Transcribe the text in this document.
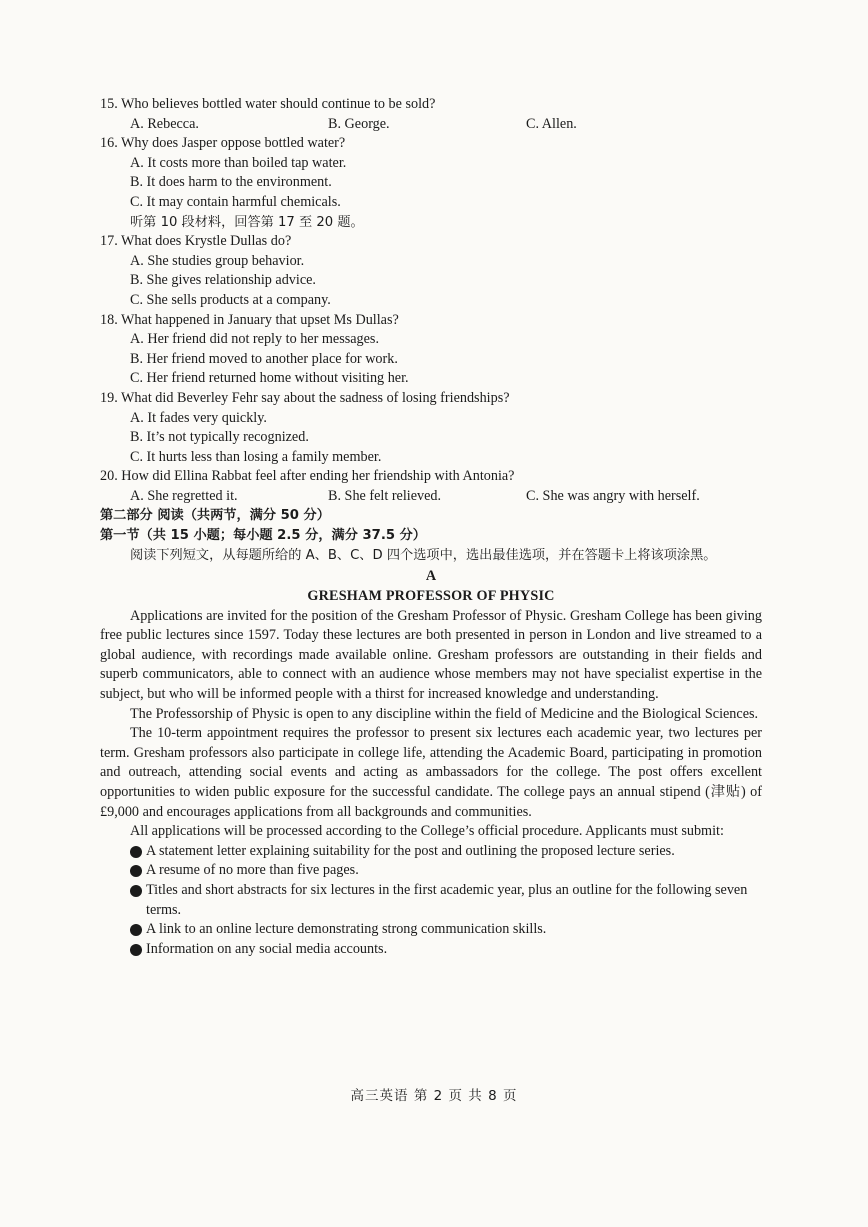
15. Who believes bottled water should continue to be sold?

A. Rebecca.	B. George.	C. Allen.

16. Why does Jasper oppose bottled water?

A. It costs more than boiled tap water.

B. It does harm to the environment.

C. It may contain harmful chemicals.

听第 10 段材料，回答第 17 至 20 题。

17. What does Krystle Dullas do?

A. She studies group behavior.

B. She gives relationship advice.

C. She sells products at a company.

18. What happened in January that upset Ms Dullas?

A. Her friend did not reply to her messages.

B. Her friend moved to another place for work.

C. Her friend returned home without visiting her.

19. What did Beverley Fehr say about the sadness of losing friendships?

A. It fades very quickly.

B. It’s not typically recognized.

C. It hurts less than losing a family member.

20. How did Ellina Rabbat feel after ending her friendship with Antonia?

A. She regretted it.	B. She felt relieved.	C. She was angry with herself.

第二部分 阅读（共两节，满分 50 分）

第一节（共 15 小题；每小题 2.5 分，满分 37.5 分）

阅读下列短文，从每题所给的 A、B、C、D 四个选项中，选出最佳选项，并在答题卡上将该项涂黑。

A

GRESHAM PROFESSOR OF PHYSIC

Applications are invited for the position of the Gresham Professor of Physic. Gresham College has been giving free public lectures since 1597. Today these lectures are both presented in person in London and live streamed to a global audience, with recordings made available online. Gresham professors are outstanding in their fields and superb communicators, able to connect with an audience whose members may not have specialist expertise in the subject, but who will be informed people with a thirst for increased knowledge and understanding.

The Professorship of Physic is open to any discipline within the field of Medicine and the Biological Sciences.

The 10-term appointment requires the professor to present six lectures each academic year, two lectures per term. Gresham professors also participate in college life, attending the Academic Board, participating in promotion and outreach, attending social events and acting as ambassadors for the college. The post offers excellent opportunities to widen public exposure for the successful candidate. The college pays an annual stipend (津贴) of £9,000 and encourages applications from all backgrounds and communities.

All applications will be processed according to the College’s official procedure. Applicants must submit:

A statement letter explaining suitability for the post and outlining the proposed lecture series.
A resume of no more than five pages.
Titles and short abstracts for six lectures in the first academic year, plus an outline for the following seven terms.
A link to an online lecture demonstrating strong communication skills.
Information on any social media accounts.
高三英语 第 2 页 共 8 页
